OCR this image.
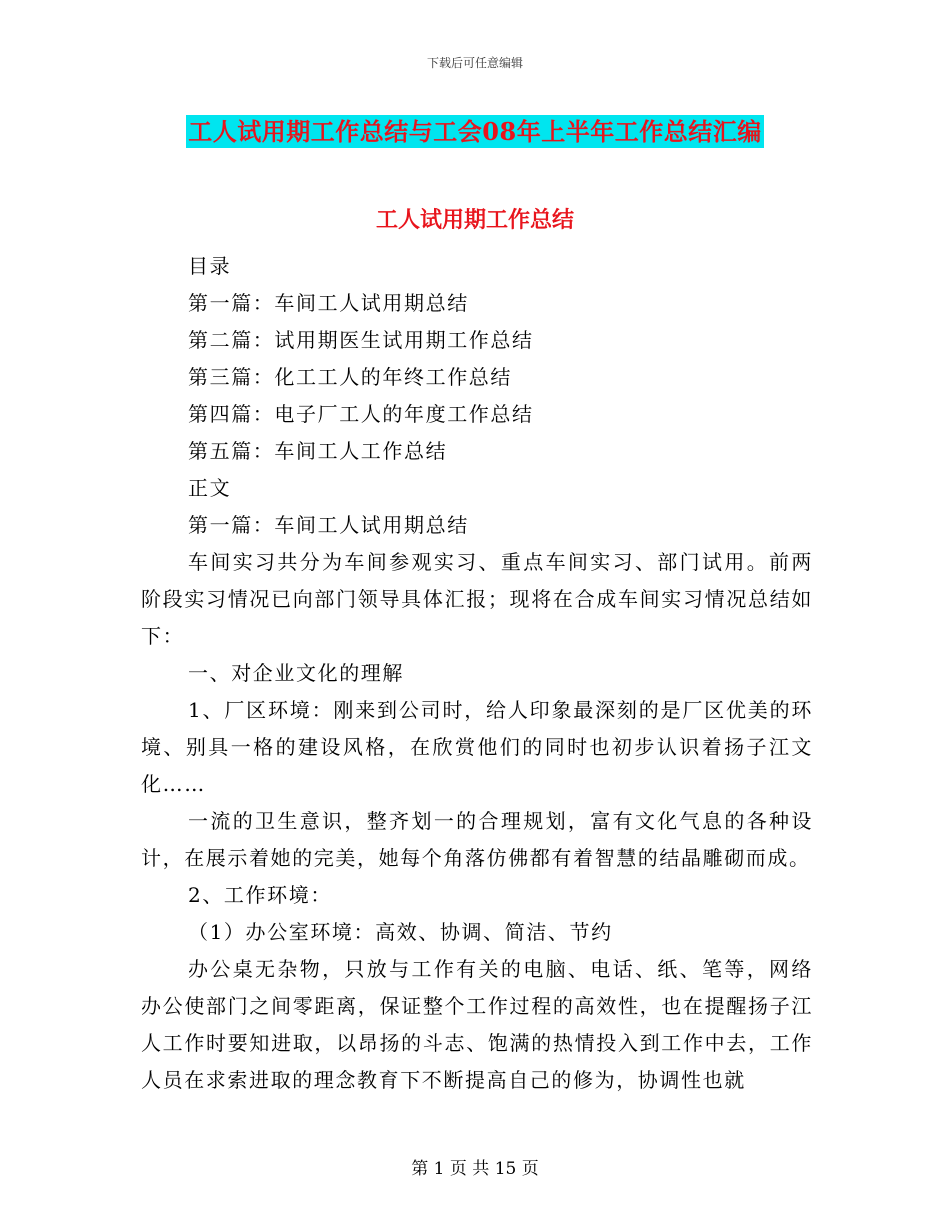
下载后可任意编辑
工人试用期工作总结与工会08年上半年工作总结汇编
工人试用期工作总结

目录

第一篇：车间工人试用期总结

第二篇：试用期医生试用期工作总结

第三篇：化工工人的年终工作总结

第四篇：电子厂工人的年度工作总结

第五篇：车间工人工作总结

正文

第一篇：车间工人试用期总结

车间实习共分为车间参观实习、重点车间实习、部门试用。前两阶段实习情况已向部门领导具体汇报；现将在合成车间实习情况总结如下：

一、对企业文化的理解

1、厂区环境：刚来到公司时，给人印象最深刻的是厂区优美的环境、别具一格的建设风格，在欣赏他们的同时也初步认识着扬子江文化……

一流的卫生意识，整齐划一的合理规划，富有文化气息的各种设计，在展示着她的完美，她每个角落仿佛都有着智慧的结晶雕砌而成。

2、工作环境：

（1）办公室环境：高效、协调、简洁、节约

办公桌无杂物，只放与工作有关的电脑、电话、纸、笔等，网络办公使部门之间零距离，保证整个工作过程的高效性，也在提醒扬子江人工作时要知进取，以昂扬的斗志、饱满的热情投入到工作中去，工作人员在求索进取的理念教育下不断提高自己的修为，协调性也就

第 1 页 共 15 页
